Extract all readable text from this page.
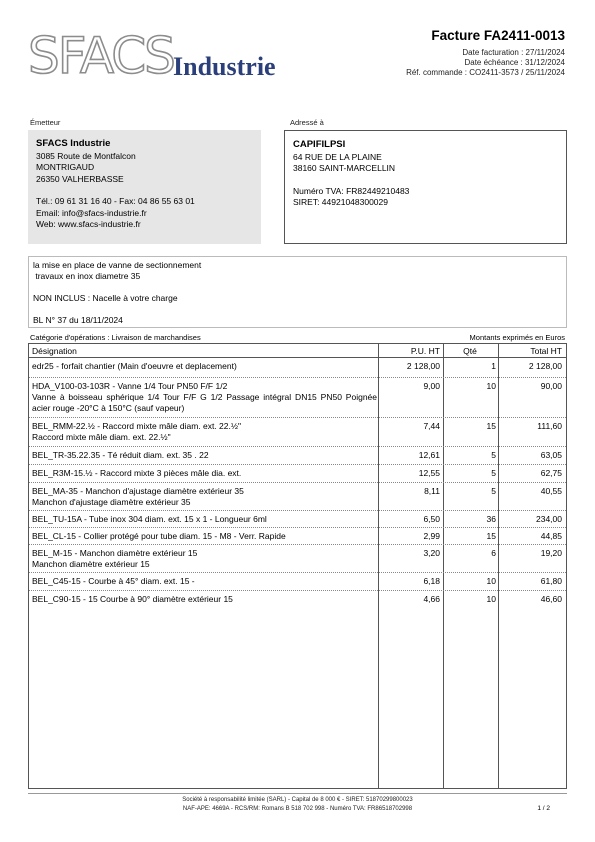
SFACS Industrie
Facture FA2411-0013
Date facturation : 27/11/2024
Date échéance : 31/12/2024
Réf. commande : CO2411-3573 / 25/11/2024
Émetteur
SFACS Industrie
3085 Route de Montfalcon
MONTRIGAUD
26350 VALHERBASSE
Tél.: 09 61 31 16 40 - Fax: 04 86 55 63 01
Email: info@sfacs-industrie.fr
Web: www.sfacs-industrie.fr
Adressé à
CAPIFILPSI
64 RUE DE LA PLAINE
38160 SAINT-MARCELLIN
Numéro TVA: FR82449210483
SIRET: 44921048300029
la mise en place de vanne de sectionnement
travaux en inox diametre 35
NON INCLUS : Nacelle à votre charge
BL N° 37 du 18/11/2024
Catégorie d'opérations : Livraison de marchandises	Montants exprimés en Euros
Désignation	P.U. HT	Qté	Total HT
edr25 - forfait chantier (Main d'oeuvre et deplacement)	2 128,00	1	2 128,00
HDA_V100-03-103R - Vanne 1/4 Tour PN50 F/F 1/2
Vanne à boisseau sphérique 1/4 Tour F/F G 1/2 Passage intégral DN15 PN50 Poignée acier rouge -20°C à 150°C (sauf vapeur)
9,00	10	90,00
BEL_RMM-22.½ - Raccord mixte mâle diam. ext. 22.½"
Raccord mixte mâle diam. ext. 22.½"
7,44	15	111,60
BEL_TR-35.22.35 - Té réduit diam. ext. 35 . 22	12,61	5	63,05
BEL_R3M-15.½ - Raccord mixte 3 pièces mâle dia. ext.	12,55	5	62,75
BEL_MA-35 - Manchon d'ajustage diamètre extérieur 35
Manchon d'ajustage diamètre extérieur 35
8,11	5	40,55
BEL_TU-15A - Tube inox 304 diam. ext. 15 x 1 - Longueur 6ml	6,50	36	234,00
BEL_CL-15 - Collier protégé pour tube diam. 15 - M8 - Verr. Rapide	2,99	15	44,85
BEL_M-15 - Manchon diamètre extérieur 15
Manchon diamètre extérieur 15
3,20	6	19,20
BEL_C45-15 - Courbe à 45° diam. ext. 15 -	6,18	10	61,80
BEL_C90-15 - 15 Courbe à 90° diamètre extérieur 15	4,66	10	46,60
Société à responsabilité limitée (SARL) - Capital de 8 000 € - SIRET: 51870299800023
NAF-APE: 4669A - RCS/RM: Romans B 518 702 998 - Numéro TVA: FR86518702998	1 / 2
